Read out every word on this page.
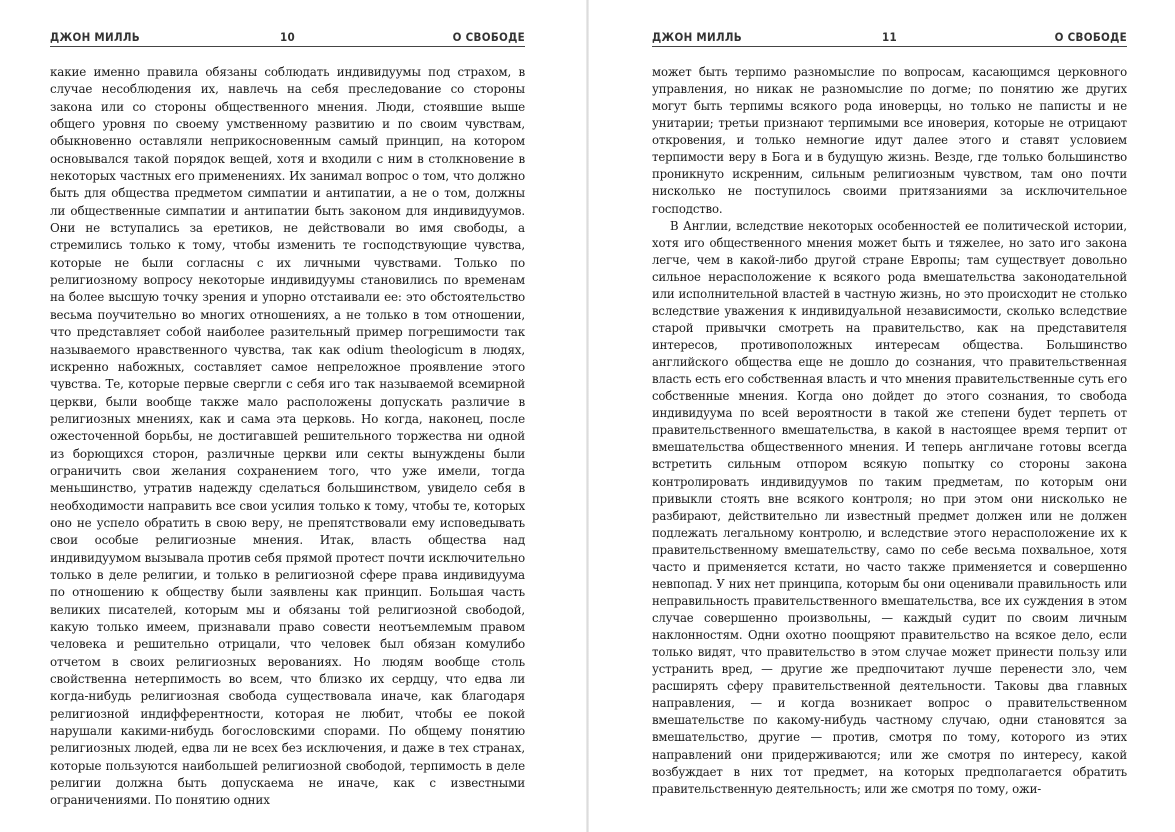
ДЖОН МИЛЛЬ	10	О СВОБОДЕ

какие именно правила обязаны соблюдать индивидуумы под страхом, в случае несоблюдения их, навлечь на себя преследование со стороны закона или со стороны общественного мнения. Люди, стоявшие выше общего уровня по своему умственному развитию и по своим чувствам, обыкновенно оставляли неприкосновенным самый принцип, на котором основывался такой порядок вещей, хотя и входили с ним в столкновение в некоторых частных его применениях. Их занимал вопрос о том, что должно быть для общества предметом симпатии и антипатии, а не о том, должны ли общественные симпатии и антипатии быть законом для индивидуумов. Они не вступались за еретиков, не действовали во имя свободы, а стремились только к тому, чтобы изменить те господствующие чувства, которые не были согласны с их личными чувствами. Только по религиозному вопросу некоторые индивидуумы становились по временам на более высшую точку зрения и упорно отстаивали ее: это обстоятельство весьма поучительно во многих отношениях, а не только в том отношении, что представляет собой наиболее разительный пример погрешимости так называемого нравственного чувства, так как odium theologicum в людях, искренно набожных, составляет самое непреложное проявление этого чувства. Те, которые первые свергли с себя иго так называемой всемирной церкви, были вообще также мало расположены допускать различие в религиозных мнениях, как и сама эта церковь. Но когда, наконец, после ожесточенной борьбы, не достигавшей решительного торжества ни одной из борющихся сторон, различные церкви или секты вынуждены были ограничить свои желания сохранением того, что уже имели, тогда меньшинство, утратив надежду сделаться большинством, увидело себя в необходимости направить все свои усилия только к тому, чтобы те, которых оно не успело обратить в свою веру, не препятствовали ему исповедывать свои особые религиозные мнения. Итак, власть общества над индивидуумом вызывала против себя прямой протест почти исключительно только в деле религии, и только в религиозной сфере права индивидуума по отношению к обществу были заявлены как принцип. Большая часть великих писателей, которым мы и обязаны той религиозной свободой, какую только имеем, признавали право совести неотъемлемым правом человека и решительно отрицали, что человек был обязан комулибо отчетом в своих религиозных верованиях. Но людям вообще столь свойственна нетерпимость во всем, что близко их сердцу, что едва ли когда-нибудь религиозная свобода существовала иначе, как благодаря религиозной индифферентности, которая не любит, чтобы ее покой нарушали какими-нибудь богословскими спорами. По общему понятию религиозных людей, едва ли не всех без исключения, и даже в тех странах, которые пользуются наибольшей религиозной свободой, терпимость в деле религии должна быть допускаема не иначе, как с известными ограничениями. По понятию одних

ДЖОН МИЛЛЬ	11	О СВОБОДЕ

может быть терпимо разномыслие по вопросам, касающимся церковного управления, но никак не разномыслие по догме; по понятию же других могут быть терпимы всякого рода иноверцы, но только не паписты и не унитарии; третьи признают терпимыми все иноверия, которые не отрицают откровения, и только немногие идут далее этого и ставят условием терпимости веру в Бога и в будущую жизнь. Везде, где только большинство проникнуто искренним, сильным религиозным чувством, там оно почти нисколько не поступилось своими притязаниями за исключительное господство.

В Англии, вследствие некоторых особенностей ее политической истории, хотя иго общественного мнения может быть и тяжелее, но зато иго закона легче, чем в какой-либо другой стране Европы; там существует довольно сильное нерасположение к всякого рода вмешательства законодательной или исполнительной властей в частную жизнь, но это происходит не столько вследствие уважения к индивидуальной независимости, сколько вследствие старой привычки смотреть на правительство, как на представителя интересов, противоположных интересам общества. Большинство английского общества еще не дошло до сознания, что правительственная власть есть его собственная власть и что мнения правительственные суть его собственные мнения. Когда оно дойдет до этого сознания, то свобода индивидуума по всей вероятности в такой же степени будет терпеть от правительственного вмешательства, в какой в настоящее время терпит от вмешательства общественного мнения. И теперь англичане готовы всегда встретить сильным отпором всякую попытку со стороны закона контролировать индивидуумов по таким предметам, по которым они привыкли стоять вне всякого контроля; но при этом они нисколько не разбирают, действительно ли известный предмет должен или не должен подлежать легальному контролю, и вследствие этого нерасположение их к правительственному вмешательству, само по себе весьма похвальное, хотя часто и применяется кстати, но часто также применяется и совершенно невпопад. У них нет принципа, которым бы они оценивали правильность или неправильность правительственного вмешательства, все их суждения в этом случае совершенно произвольны, — каждый судит по своим личным наклонностям. Одни охотно поощряют правительство на всякое дело, если только видят, что правительство в этом случае может принести пользу или устранить вред, — другие же предпочитают лучше перенести зло, чем расширять сферу правительственной деятельности. Таковы два главных направления, — и когда возникает вопрос о правительственном вмешательстве по какому-нибудь частному случаю, одни становятся за вмешательство, другие — против, смотря по тому, которого из этих направлений они придерживаются; или же смотря по интересу, какой возбуждает в них тот предмет, на которых предполагается обратить правительственную деятельность; или же смотря по тому, ожи-
